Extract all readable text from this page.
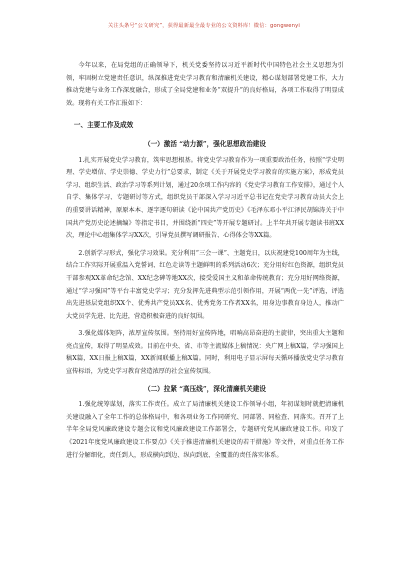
关注头条号“公文研究”，获得最新最全最专业的公文资料库！微信：gongwenyi

今年以来，在局党组的正确领导下，机关党委坚持以习近平新时代中国特色社会主义思想为引领，牢固树立党建责任意识，纵深推进党史学习教育和清廉机关建设，精心谋划部署党建工作，大力推动党建与业务工作深度融合，形成了全局党建和业务“双提升”的良好格局，各项工作取得了明显成效。现将有关工作汇报如下：

一、主要工作及成效
（一）激活 “动力源”，强化思想政治建设

1.扎实开展党史学习教育，筑牢思想根基。将党史学习教育作为一项重要政治任务，按照“学史明理、学史增信、学史崇德、学史力行”总要求，制定《关于开展党史学习教育的实施方案》，形成党员学习、组织生活、政治学习等系列计划，通过20余项工作内容的《党史学习教育工作安排》，通过个人自学、集体学习、专题研讨等方式，组织党员干部深入学习习近平总书记在党史学习教育动员大会上的重要讲话精神，原原本本、逐字逐句研读《论中国共产党历史》《毛泽东邓小平江泽民胡锦涛关于中国共产党历史论述摘编》等指定书目，并围绕新“四史”等开展专题研讨。上半年共开展专题读书班XX次，理论中心组集体学习XX次，引导党员撰写调研报告、心得体会等XX篇。

2.创新学习形式，强化学习效果。充分利用“三会一课”、主题党日，以庆祝建党100周年为主线，结合工作实际开展重温入党誓词、红色走读等主题鲜明的系列活动6次；充分用好红色资源，组织党员干部参观XX革命纪念馆、XX纪念碑等地XX次，接受爱国主义和革命传统教育；充分用好网络资源，通过“学习强国”等平台丰富党史学习；充分发挥先进典型示范引领作用，开展“两优一先”评选，评选出先进基层党组织XX个、优秀共产党员XX名、优秀党务工作者XX名，用身边事教育身边人，推动广大党员学先进、比先进，营造积极奋进的良好氛围。

3.强化媒体矩阵，浓厚宣传氛围。坚持用好宣传阵地，唱响高昂奋进的主旋律，突出重大主题和亮点宣传，取得了明显成效。目前在中央、省、市等主流媒体上稿情况：央广网上稿X篇，学习强国上稿X篇，XX日报上稿X篇，XX新闻联播上稿X篇。同时，利用电子显示屏每天循环播放党史学习教育宣传标语，为党史学习教育营造浓厚的社会宣传氛围。

（二）拉紧 “高压线”，深化清廉机关建设

1.强化统筹谋划，落实工作责任。成立了局清廉机关建设工作领导小组，年初谋划时就把清廉机关建设融入了全年工作的总体格局中，和各项业务工作同研究、同部署、同检查、同落实。召开了上半年全局党风廉政建设专题会议和党风廉政建设工作部署会，专题研究党风廉政建设工作。印发了《2021年度党风廉政建设工作要点》《关于推进清廉机关建设的若干措施》等文件，对重点任务工作进行分解细化，责任到人，形成横向到边、纵向到底、全覆盖的责任落实体系。
